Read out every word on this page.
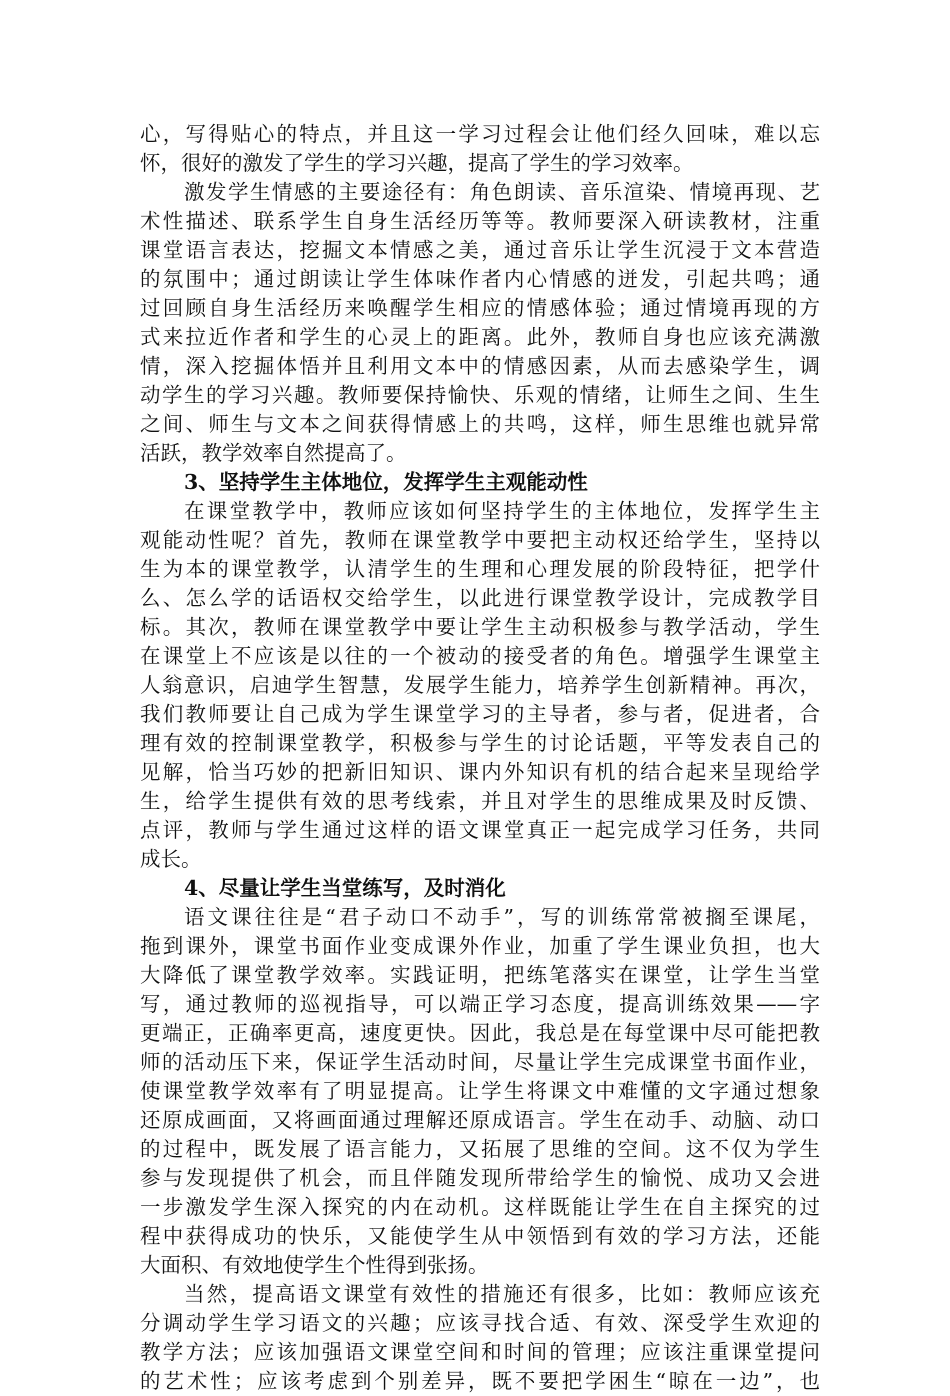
心，写得贴心的特点，并且这一学习过程会让他们经久回味，难以忘
怀，很好的激发了学生的学习兴趣，提高了学生的学习效率。
激发学生情感的主要途径有：角色朗读、音乐渲染、情境再现、艺
术性描述、联系学生自身生活经历等等。教师要深入研读教材，注重
课堂语言表达，挖掘文本情感之美，通过音乐让学生沉浸于文本营造
的氛围中；通过朗读让学生体味作者内心情感的迸发，引起共鸣；通
过回顾自身生活经历来唤醒学生相应的情感体验；通过情境再现的方
式来拉近作者和学生的心灵上的距离。此外，教师自身也应该充满激
情，深入挖掘体悟并且利用文本中的情感因素，从而去感染学生，调
动学生的学习兴趣。教师要保持愉快、乐观的情绪，让师生之间、生生
之间、师生与文本之间获得情感上的共鸣，这样，师生思维也就异常
活跃，教学效率自然提高了。
3、坚持学生主体地位，发挥学生主观能动性
在课堂教学中，教师应该如何坚持学生的主体地位，发挥学生主
观能动性呢？首先，教师在课堂教学中要把主动权还给学生，坚持以
生为本的课堂教学，认清学生的生理和心理发展的阶段特征，把学什
么、怎么学的话语权交给学生，以此进行课堂教学设计，完成教学目
标。其次，教师在课堂教学中要让学生主动积极参与教学活动，学生
在课堂上不应该是以往的一个被动的接受者的角色。增强学生课堂主
人翁意识，启迪学生智慧，发展学生能力，培养学生创新精神。再次，
我们教师要让自己成为学生课堂学习的主导者，参与者，促进者，合
理有效的控制课堂教学，积极参与学生的讨论话题，平等发表自己的
见解，恰当巧妙的把新旧知识、课内外知识有机的结合起来呈现给学
生，给学生提供有效的思考线索，并且对学生的思维成果及时反馈、
点评，教师与学生通过这样的语文课堂真正一起完成学习任务，共同
成长。
4、尽量让学生当堂练写，及时消化
语文课往往是“君子动口不动手”，写的训练常常被搁至课尾，
拖到课外，课堂书面作业变成课外作业，加重了学生课业负担，也大
大降低了课堂教学效率。实践证明，把练笔落实在课堂，让学生当堂
写，通过教师的巡视指导，可以端正学习态度，提高训练效果——字
更端正，正确率更高，速度更快。因此，我总是在每堂课中尽可能把教
师的活动压下来，保证学生活动时间，尽量让学生完成课堂书面作业，
使课堂教学效率有了明显提高。让学生将课文中难懂的文字通过想象
还原成画面，又将画面通过理解还原成语言。学生在动手、动脑、动口
的过程中，既发展了语言能力，又拓展了思维的空间。这不仅为学生
参与发现提供了机会，而且伴随发现所带给学生的愉悦、成功又会进
一步激发学生深入探究的内在动机。这样既能让学生在自主探究的过
程中获得成功的快乐，又能使学生从中领悟到有效的学习方法，还能
大面积、有效地使学生个性得到张扬。
当然，提高语文课堂有效性的措施还有很多，比如：教师应该充
分调动学生学习语文的兴趣；应该寻找合适、有效、深受学生欢迎的
教学方法；应该加强语文课堂空间和时间的管理；应该注重课堂提问
的艺术性；应该考虑到个别差异，既不要把学困生“晾在一边”，也
